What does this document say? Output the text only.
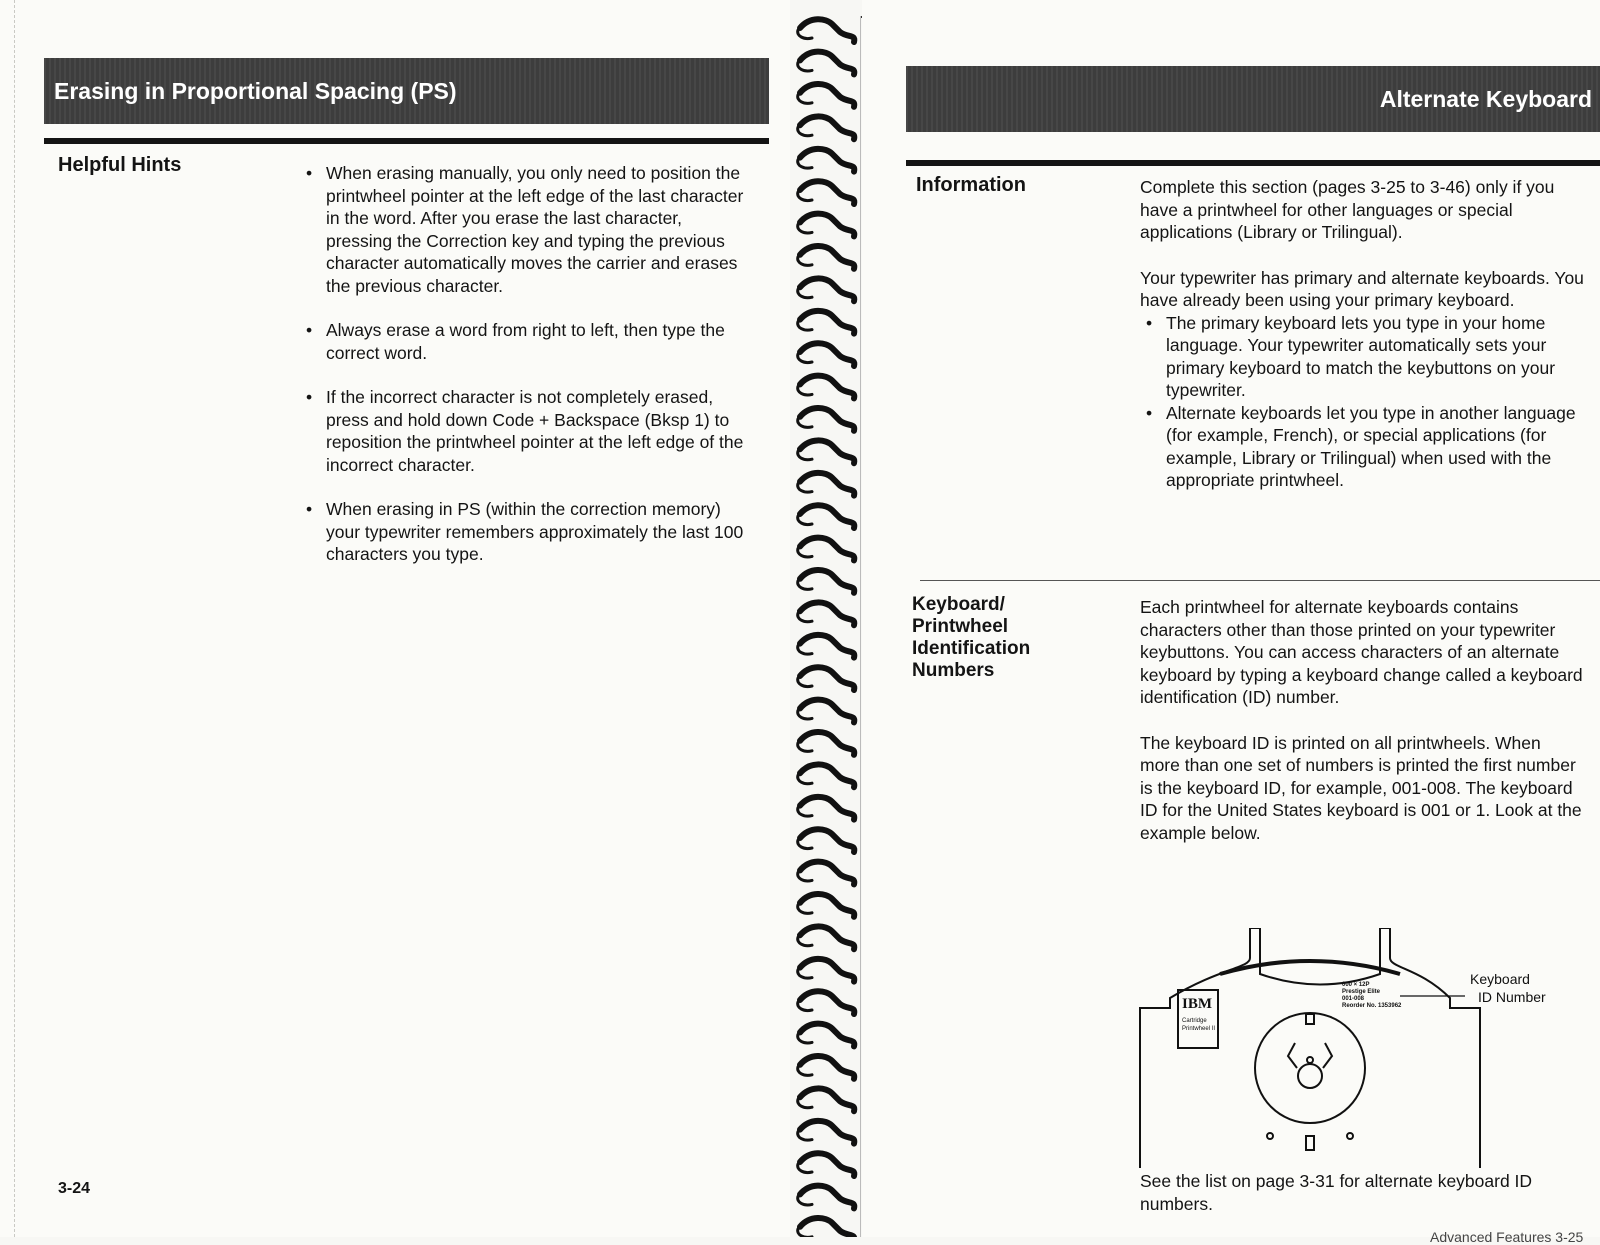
Erasing in Proportional Spacing (PS)
Helpful Hints
•	When erasing manually, you only need to position the printwheel pointer at the left edge of the last character in the word. After you erase the last character, pressing the Correction key and typing the previous character automatically moves the carrier and erases the previous character.
• Always erase a word from right to left, then type the correct word.
• If the incorrect character is not completely erased, press and hold down Code + Backspace (Bksp 1) to reposition the printwheel pointer at the left edge of the incorrect character.
• When erasing in PS (within the correction memory) your typewriter remembers approximately the last 100 characters you type.
3-24
Alternate Keyboard
Information	Complete this section (pages 3-25 to 3-46) only if you have a printwheel for other languages or special applications (Library or Trilingual).

Your typewriter has primary and alternate keyboards. You have already been using your primary keyboard.

• The primary keyboard lets you type in your home language. Your typewriter automatically sets your primary keyboard to match the keybuttons on your typewriter.
• Alternate keyboards let you type in another language (for example, French), or special applications (for example, Library or Trilingual) when used with the appropriate printwheel.
Keyboard/ Printwheel Identification Numbers

Each printwheel for alternate keyboards contains characters other than those printed on your typewriter keybuttons. You can access characters of an alternate keyboard by typing a keyboard change called a keyboard identification (ID) number.

The keyboard ID is printed on all printwheels. When more than one set of numbers is printed the first number is the keyboard ID, for example, 001-008. The keyboard ID for the United States keyboard is 001 or 1. Look at the example below.

IBM
Cartridge
Printwheel II
000 × 12P
Prestige Elite
001-008
Reorder No. 1353962
Keyboard
ID Number
See the list on page 3-31 for alternate keyboard ID numbers.
Advanced Features 3-25
